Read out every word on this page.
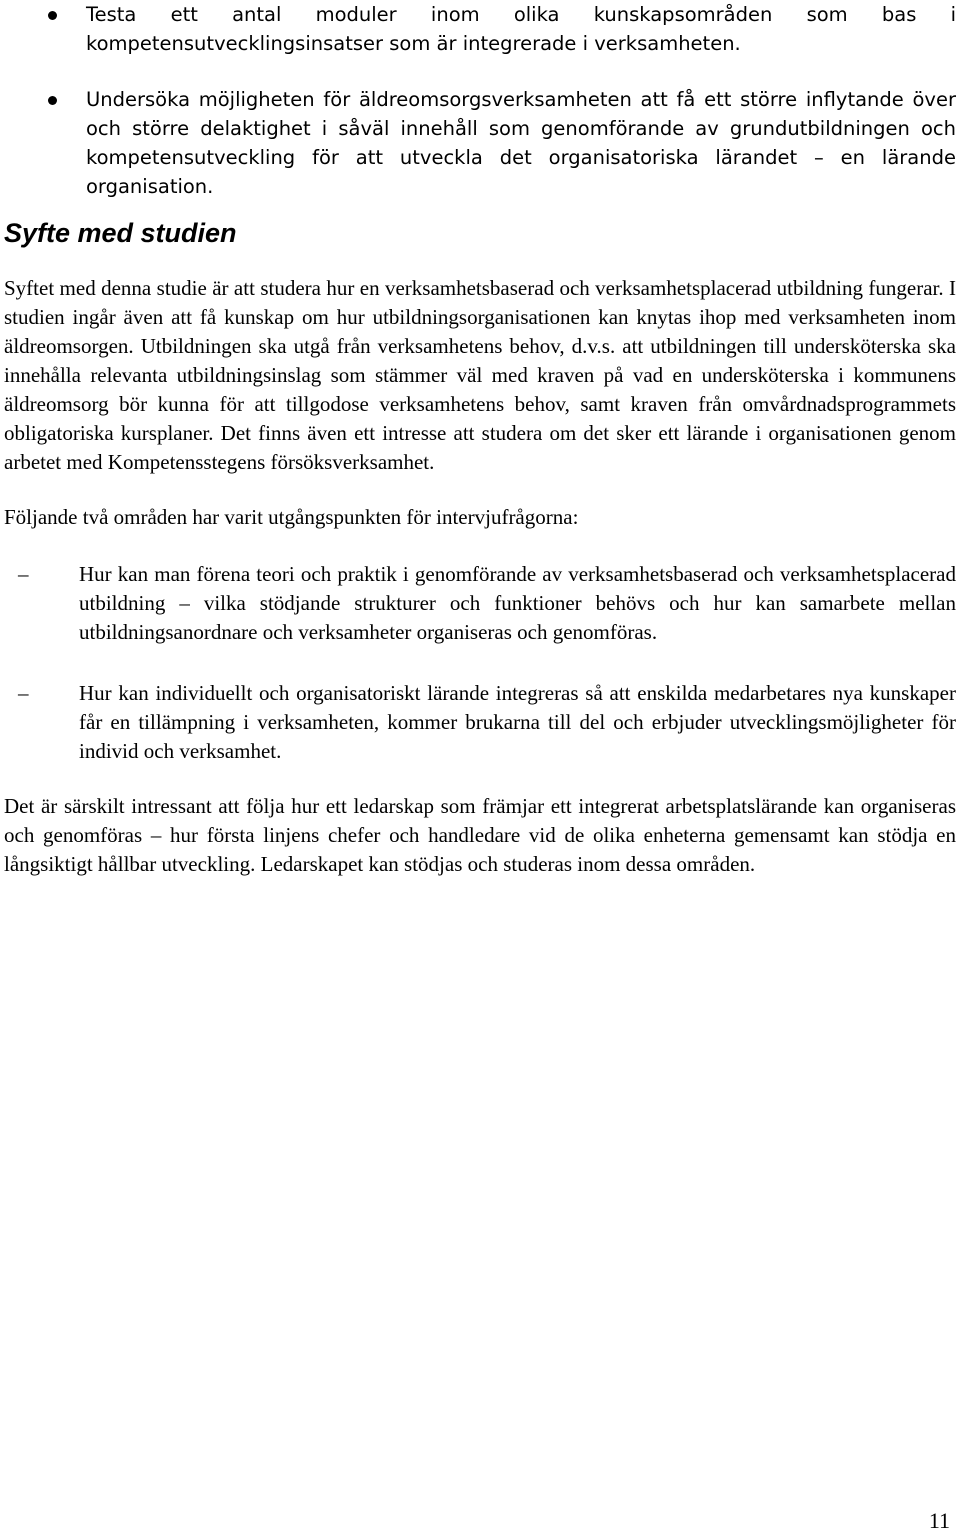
Testa ett antal moduler inom olika kunskapsområden som bas i kompetensutvecklingsinsatser som är integrerade i verksamheten.

Undersöka möjligheten för äldreomsorgsverksamheten att få ett större inflytande över och större delaktighet i såväl innehåll som genomförande av grundutbildningen och kompetensutveckling för att utveckla det organisatoriska lärandet – en lärande organisation.

Syfte med studien

Syftet med denna studie är att studera hur en verksamhetsbaserad och verksamhetsplacerad utbildning fungerar. I studien ingår även att få kunskap om hur utbildningsorganisationen kan knytas ihop med verksamheten inom äldreomsorgen. Utbildningen ska utgå från verksamhetens behov, d.v.s. att utbildningen till undersköterska ska innehålla relevanta utbildningsinslag som stämmer väl med kraven på vad en undersköterska i kommunens äldreomsorg bör kunna för att tillgodose verksamhetens behov, samt kraven från omvårdnadsprogrammets obligatoriska kursplaner. Det finns även ett intresse att studera om det sker ett lärande i organisationen genom arbetet med Kompetensstegens försöksverksamhet.

Följande två områden har varit utgångspunkten för intervjufrågorna:

– Hur kan man förena teori och praktik i genomförande av verksamhetsbaserad och verksamhetsplacerad utbildning – vilka stödjande strukturer och funktioner behövs och hur kan samarbete mellan utbildningsanordnare och verksamheter organiseras och genomföras.

– Hur kan individuellt och organisatoriskt lärande integreras så att enskilda medarbetares nya kunskaper får en tillämpning i verksamheten, kommer brukarna till del och erbjuder utvecklingsmöjligheter för individ och verksamhet.

Det är särskilt intressant att följa hur ett ledarskap som främjar ett integrerat arbetsplatslärande kan organiseras och genomföras – hur första linjens chefer och handledare vid de olika enheterna gemensamt kan stödja en långsiktigt hållbar utveckling. Ledarskapet kan stödjas och studeras inom dessa områden.

11
